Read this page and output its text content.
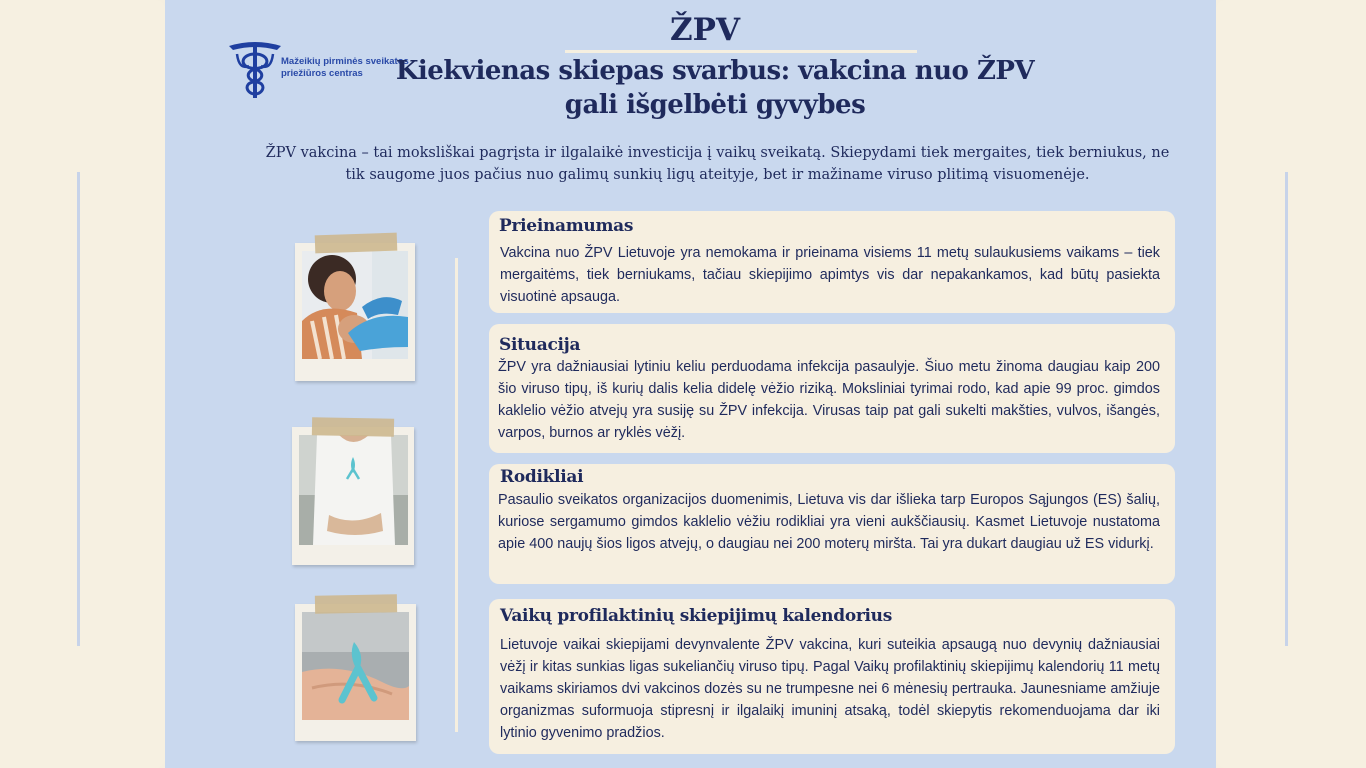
Mažeikių pirminės sveikatos
priežiūros centras
ŽPV
Kiekvienas skiepas svarbus: vakcina nuo ŽPV gali išgelbėti gyvybes
ŽPV vakcina – tai moksliškai pagrįsta ir ilgalaikė investicija į vaikų sveikatą. Skiepydami tiek mergaites, tiek berniukus, ne tik saugome juos pačius nuo galimų sunkių ligų ateityje, bet ir mažiname viruso plitimą visuomenėje.
Prieinamumas
Vakcina nuo ŽPV Lietuvoje yra nemokama ir prieinama visiems 11 metų sulaukusiems vaikams – tiek mergaitėms, tiek berniukams, tačiau skiepijimo apimtys vis dar nepakankamos, kad būtų pasiekta visuotinė apsauga.
Situacija
ŽPV yra dažniausiai lytiniu keliu perduodama infekcija pasaulyje. Šiuo metu žinoma daugiau kaip 200 šio viruso tipų, iš kurių dalis kelia didelę vėžio riziką. Moksliniai tyrimai rodo, kad apie 99 proc. gimdos kaklelio vėžio atvejų yra susiję su ŽPV infekcija. Virusas taip pat gali sukelti makšties, vulvos, išangės, varpos, burnos ar ryklės vėžį.
Rodikliai
Pasaulio sveikatos organizacijos duomenimis, Lietuva vis dar išlieka tarp Europos Sąjungos (ES) šalių, kuriose sergamumo gimdos kaklelio vėžiu rodikliai yra vieni aukščiausių. Kasmet Lietuvoje nustatoma apie 400 naujų šios ligos atvejų, o daugiau nei 200 moterų miršta. Tai yra dukart daugiau už ES vidurkį.
Vaikų profilaktinių skiepijimų kalendorius
Lietuvoje vaikai skiepijami devynvalente ŽPV vakcina, kuri suteikia apsaugą nuo devynių dažniausiai vėžį ir kitas sunkias ligas sukeliančių viruso tipų. Pagal Vaikų profilaktinių skiepijimų kalendorių 11 metų vaikams skiriamos dvi vakcinos dozės su ne trumpesne nei 6 mėnesių pertrauka. Jaunesniame amžiuje organizmas suformuoja stipresnį ir ilgalaikį imuninį atsaką, todėl skiepytis rekomenduojama dar iki lytinio gyvenimo pradžios.
